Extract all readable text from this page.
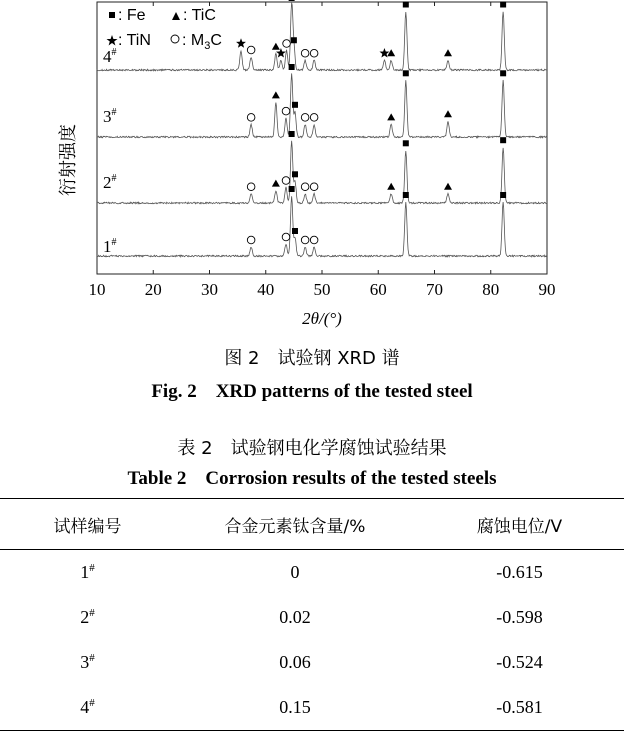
10 20 30 40 50 60 70 80 90
4#
3#
2#
1#
: Fe : TiC
: TiN : $M_3C$
2θ/(°)
衍射强度
图 2　试验钢 XRD 谱
Fig. 2　XRD patterns of the tested steel
表 2　试验钢电化学腐蚀试验结果
Table 2　Corrosion results of the tested steels
试样编号	合金元素钛含量/%	腐蚀电位/V
1#	0	-0.615
2#	0.02	-0.598
3#	0.06	-0.524
4#	0.15	-0.581
